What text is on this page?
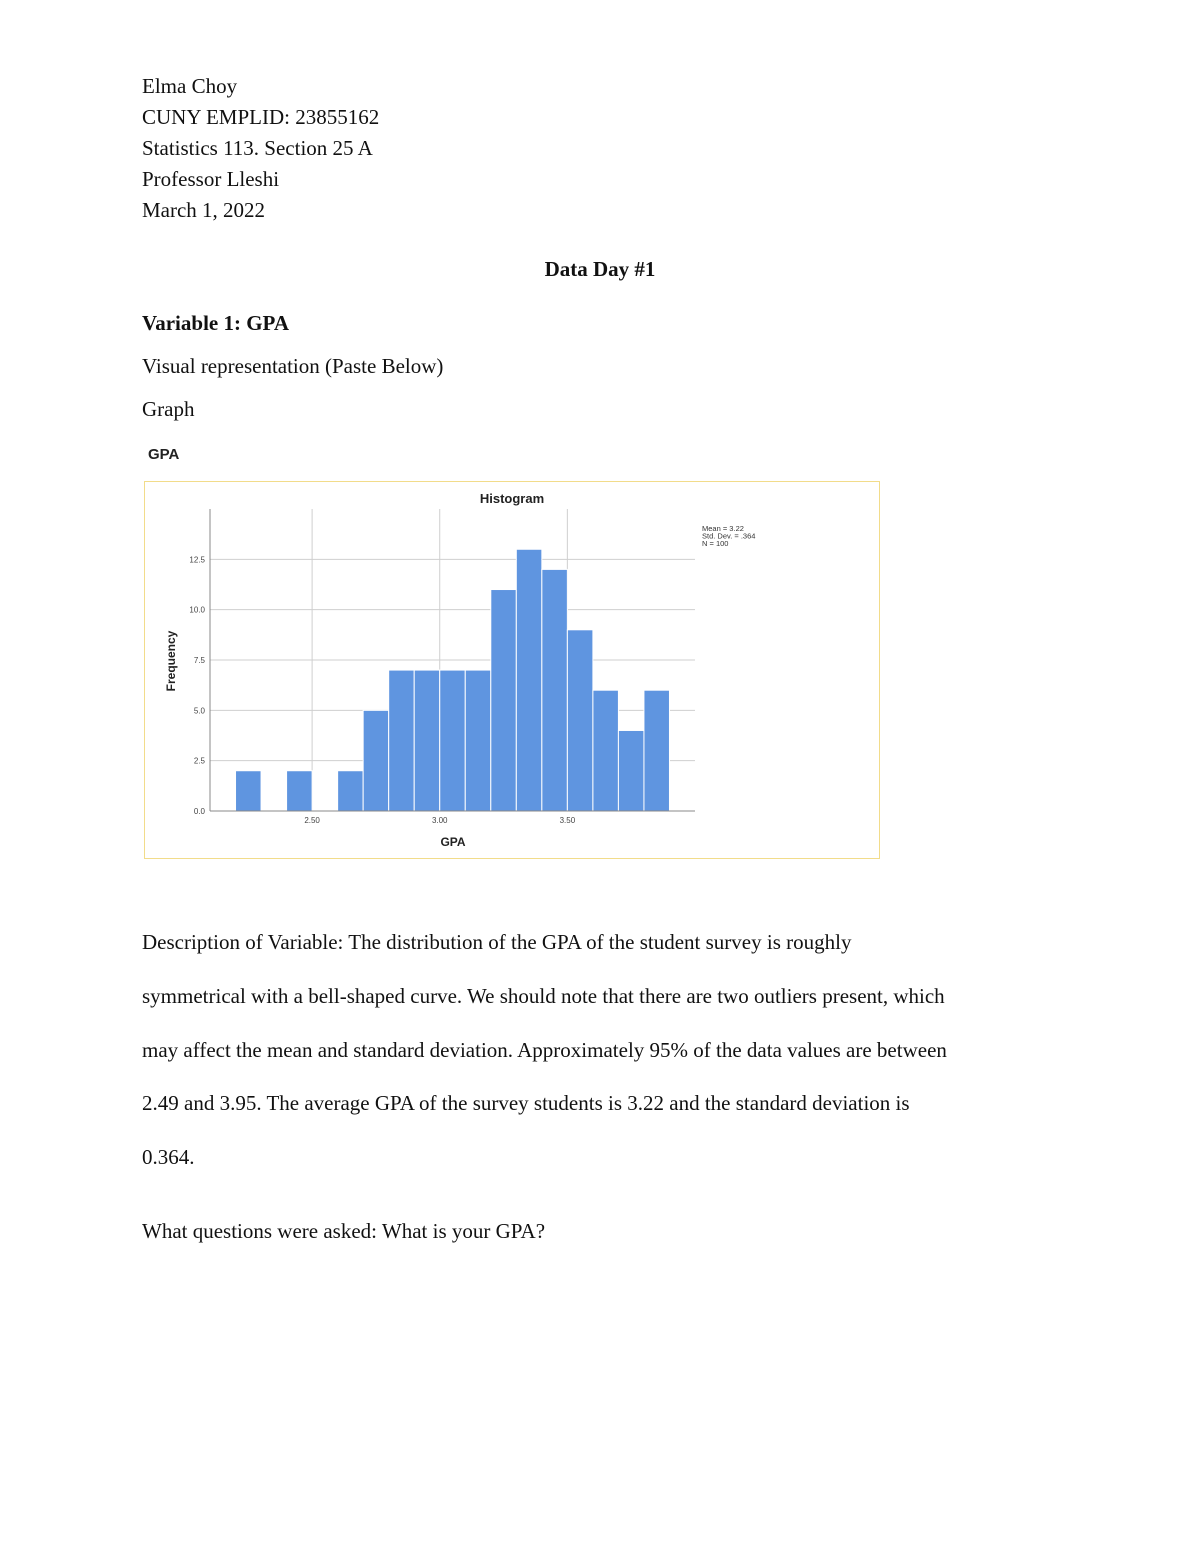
Elma Choy
CUNY EMPLID: 23855162
Statistics 113. Section 25 A
Professor Lleshi
March 1, 2022
Data Day #1
Variable 1: GPA
Visual representation (Paste Below)
Graph
GPA
Histogram
Frequency
GPA
0.0
2.5
5.0
7.5
10.0
12.5
2.50	3.00	3.50
Mean = 3.22
Std. Dev. = .364
N = 100
Description of Variable: The distribution of the GPA of the student survey is roughly
symmetrical with a bell-shaped curve. We should note that there are two outliers present, which
may affect the mean and standard deviation. Approximately 95% of the data values are between
2.49 and 3.95. The average GPA of the survey students is 3.22 and the standard deviation is
0.364.
What questions were asked: What is your GPA?
